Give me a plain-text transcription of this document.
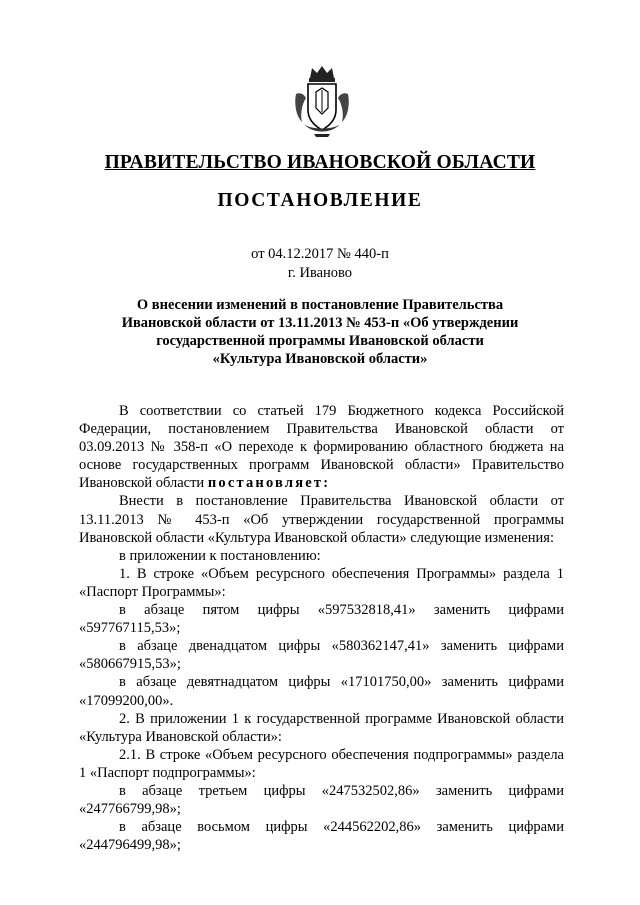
ПРАВИТЕЛЬСТВО ИВАНОВСКОЙ ОБЛАСТИ
ПОСТАНОВЛЕНИЕ
от 04.12.2017 № 440-п
г. Иваново
О внесении изменений в постановление Правительства
Ивановской области от 13.11.2013 № 453-п «Об утверждении
государственной программы Ивановской области
«Культура Ивановской области»

В соответствии со статьей 179 Бюджетного кодекса Российской Федерации, постановлением Правительства Ивановской области от 03.09.2013 № 358-п «О переходе к формированию областного бюджета на основе государственных программ Ивановской области» Правительство Ивановской области постановляет:

Внести в постановление Правительства Ивановской области от 13.11.2013 № 453-п «Об утверждении государственной программы Ивановской области «Культура Ивановской области» следующие изменения:

в приложении к постановлению:

1. В строке «Объем ресурсного обеспечения Программы» раздела 1 «Паспорт Программы»:

в абзаце пятом цифры «597532818,41» заменить цифрами «597767115,53»;

в абзаце двенадцатом цифры «580362147,41» заменить цифрами «580667915,53»;

в абзаце девятнадцатом цифры «17101750,00» заменить цифрами «17099200,00».

2. В приложении 1 к государственной программе Ивановской области «Культура Ивановской области»:

2.1. В строке «Объем ресурсного обеспечения подпрограммы» раздела 1 «Паспорт подпрограммы»:

в абзаце третьем цифры «247532502,86» заменить цифрами «247766799,98»;

в абзаце восьмом цифры «244562202,86» заменить цифрами «244796499,98»;
